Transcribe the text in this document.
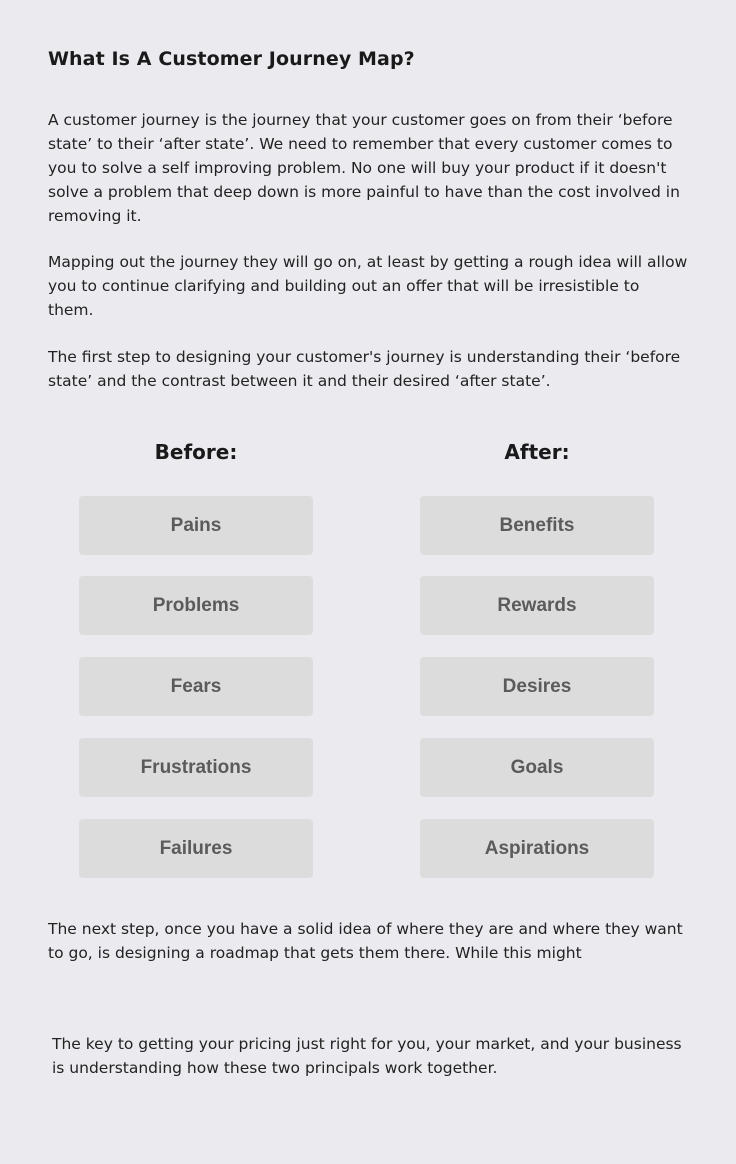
What Is A Customer Journey Map?

A customer journey is the journey that your customer goes on from their ‘before state’ to their ‘after state’. We need to remember that every customer comes to you to solve a self improving problem. No one will buy your product if it doesn't solve a problem that deep down is more painful to have than the cost involved in removing it.

Mapping out the journey they will go on, at least by getting a rough idea will allow you to continue clarifying and building out an offer that will be irresistible to them.

The first step to designing your customer's journey is understanding their ‘before state’ and the contrast between it and their desired ‘after state’.

Before:	After:
Pains
Problems
Fears
Frustrations
Failures
Benefits
Rewards
Desires
Goals
Aspirations

The next step, once you have a solid idea of where they are and where they want to go, is designing a roadmap that gets them there. While this might

The key to getting your pricing just right for you, your market, and your business is understanding how these two principals work together.
